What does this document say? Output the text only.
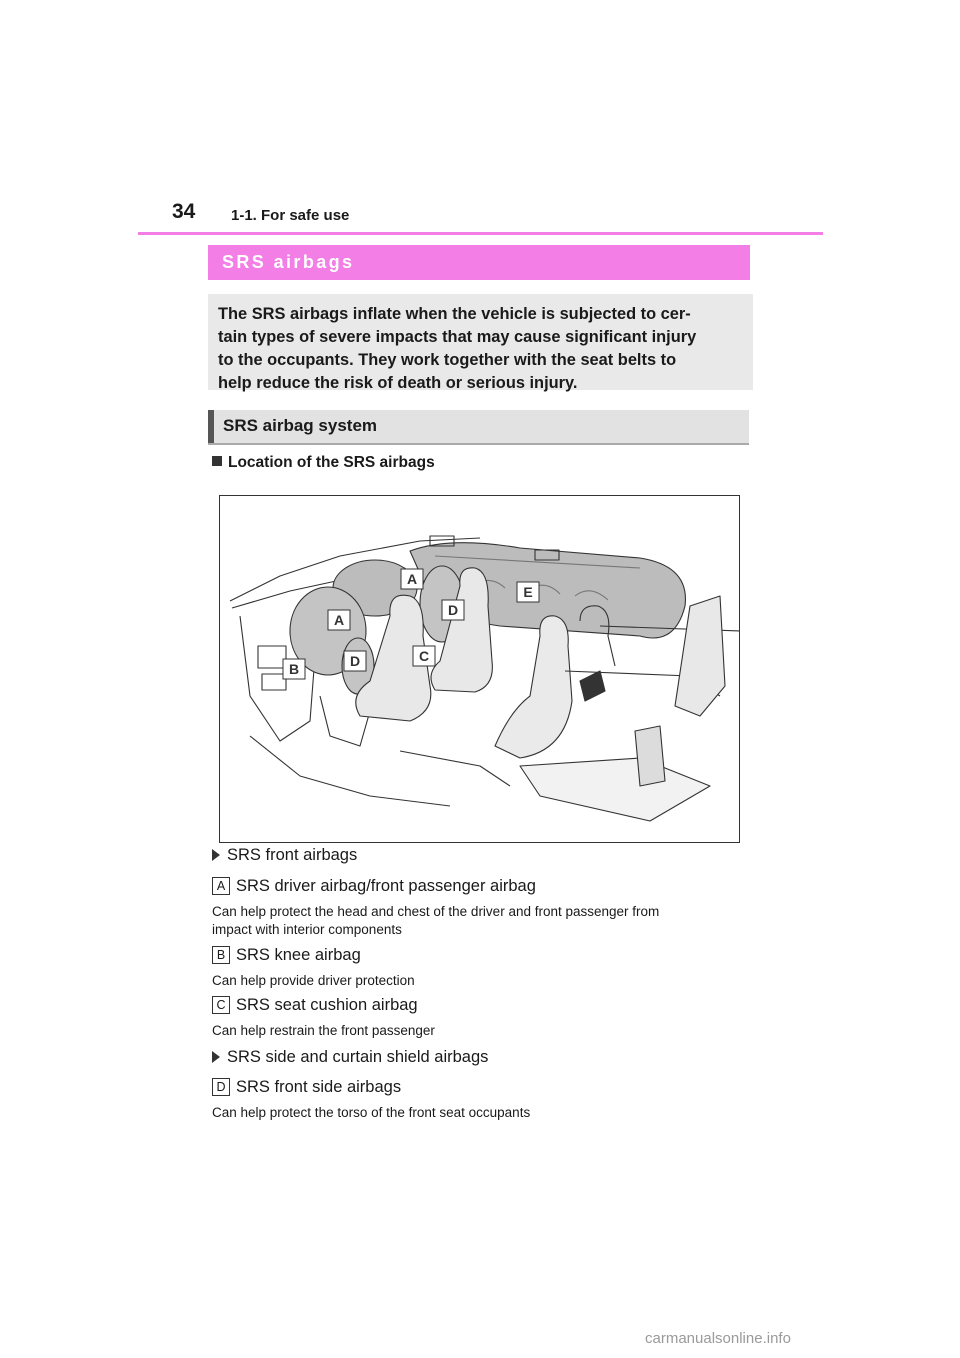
34 1-1. For safe use
SRS airbags
The SRS airbags inflate when the vehicle is subjected to cer-
tain types of severe impacts that may cause significant injury
to the occupants. They work together with the seat belts to
help reduce the risk of death or serious injury.
SRS airbag system
Location of the SRS airbags
A
A
B
C
D
D
E
SRS front airbags
A SRS driver airbag/front passenger airbag
Can help protect the head and chest of the driver and front passenger from
impact with interior components
B SRS knee airbag
Can help provide driver protection
C SRS seat cushion airbag
Can help restrain the front passenger
SRS side and curtain shield airbags
D SRS front side airbags
Can help protect the torso of the front seat occupants
carmanualsonline.info
